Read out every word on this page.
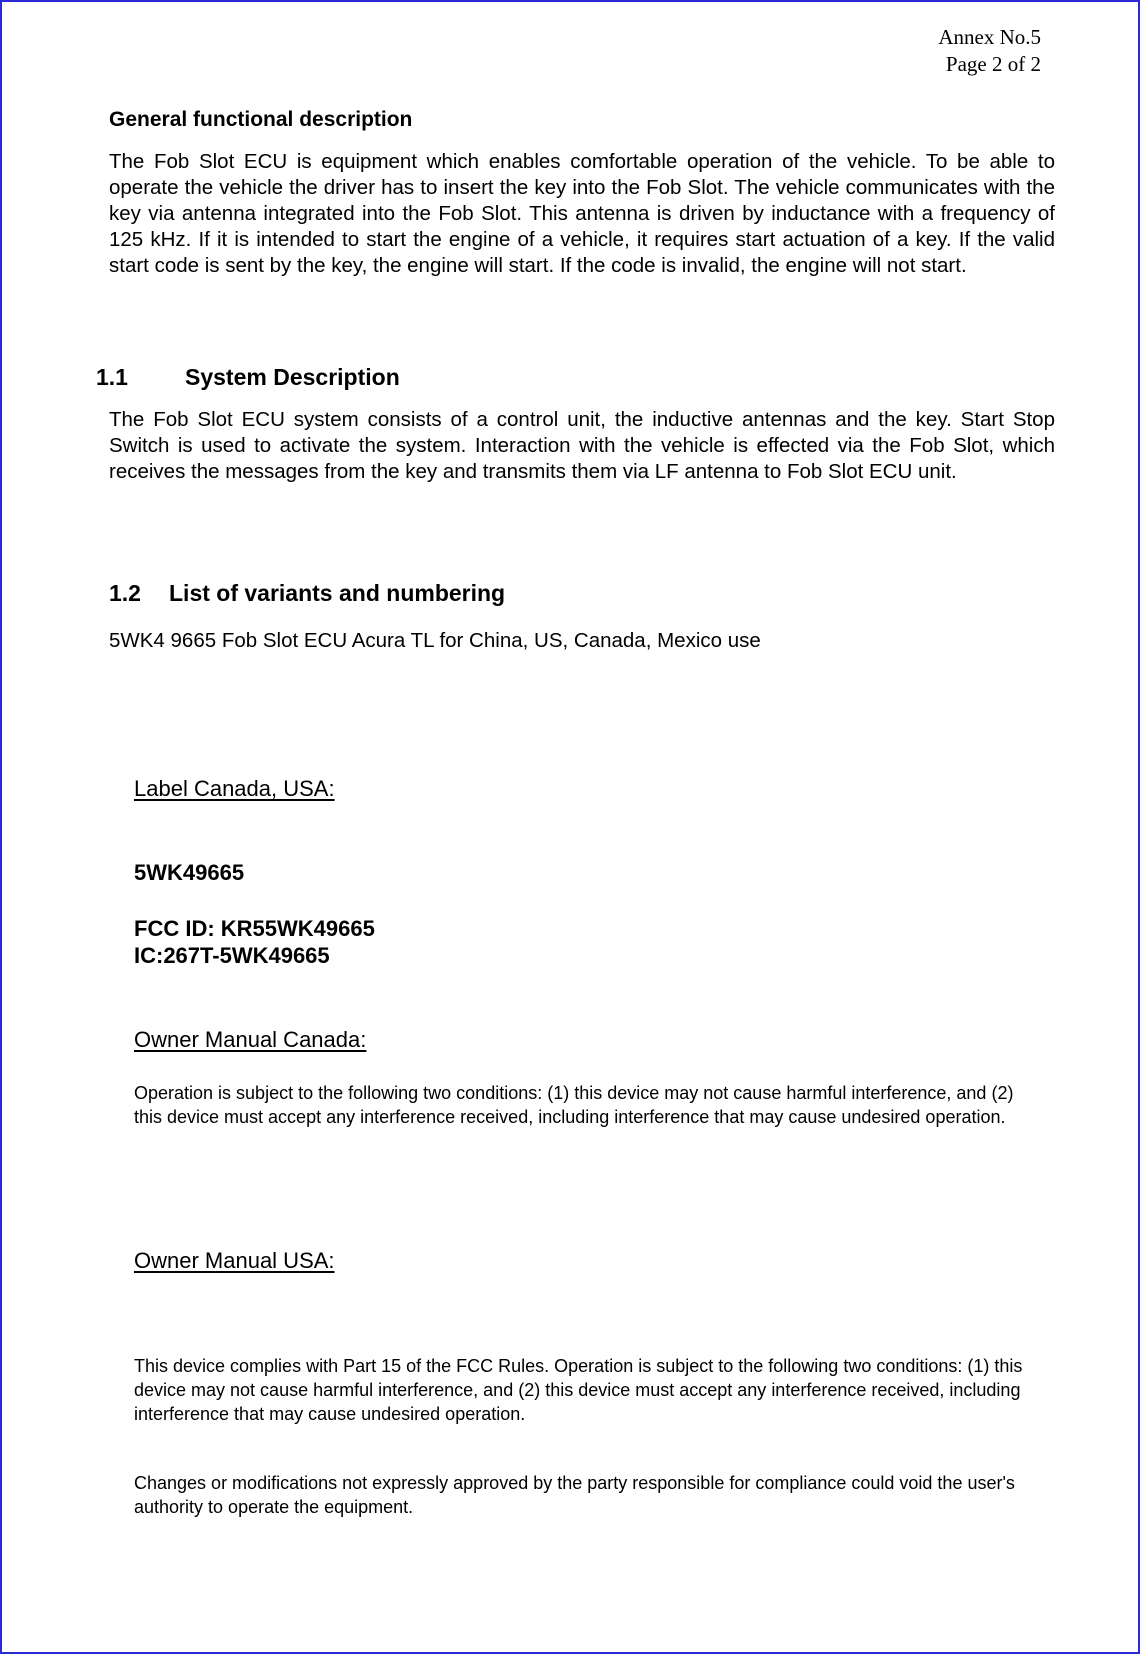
Annex No.5
Page 2 of 2
General functional description
The Fob Slot ECU is equipment which enables comfortable operation of the vehicle. To be able to operate the vehicle the driver has to insert the key into the Fob Slot. The vehicle communicates with the key via antenna integrated into the Fob Slot. This antenna is driven by inductance with a frequency of 125 kHz. If it is intended to start the engine of a vehicle, it requires start actuation of a key. If the valid start code is sent by the key, the engine will start. If the code is invalid, the engine will not start.
1.1 System Description
The Fob Slot ECU system consists of a control unit, the inductive antennas and the key. Start Stop Switch is used to activate the system. Interaction with the vehicle is effected via the Fob Slot, which receives the messages from the key and transmits them via LF antenna to Fob Slot ECU unit.
1.2 List of variants and numbering
5WK4 9665 Fob Slot ECU Acura TL for China, US, Canada, Mexico use
Label Canada, USA:
5WK49665
FCC ID: KR55WK49665
IC:267T-5WK49665
Owner Manual Canada:
Operation is subject to the following two conditions: (1) this device may not cause harmful interference, and (2) this device must accept any interference received, including interference that may cause undesired operation.
Owner Manual USA:
This device complies with Part 15 of the FCC Rules. Operation is subject to the following two conditions: (1) this device may not cause harmful interference, and (2) this device must accept any interference received, including interference that may cause undesired operation.
Changes or modifications not expressly approved by the party responsible for compliance could void the user's authority to operate the equipment.
